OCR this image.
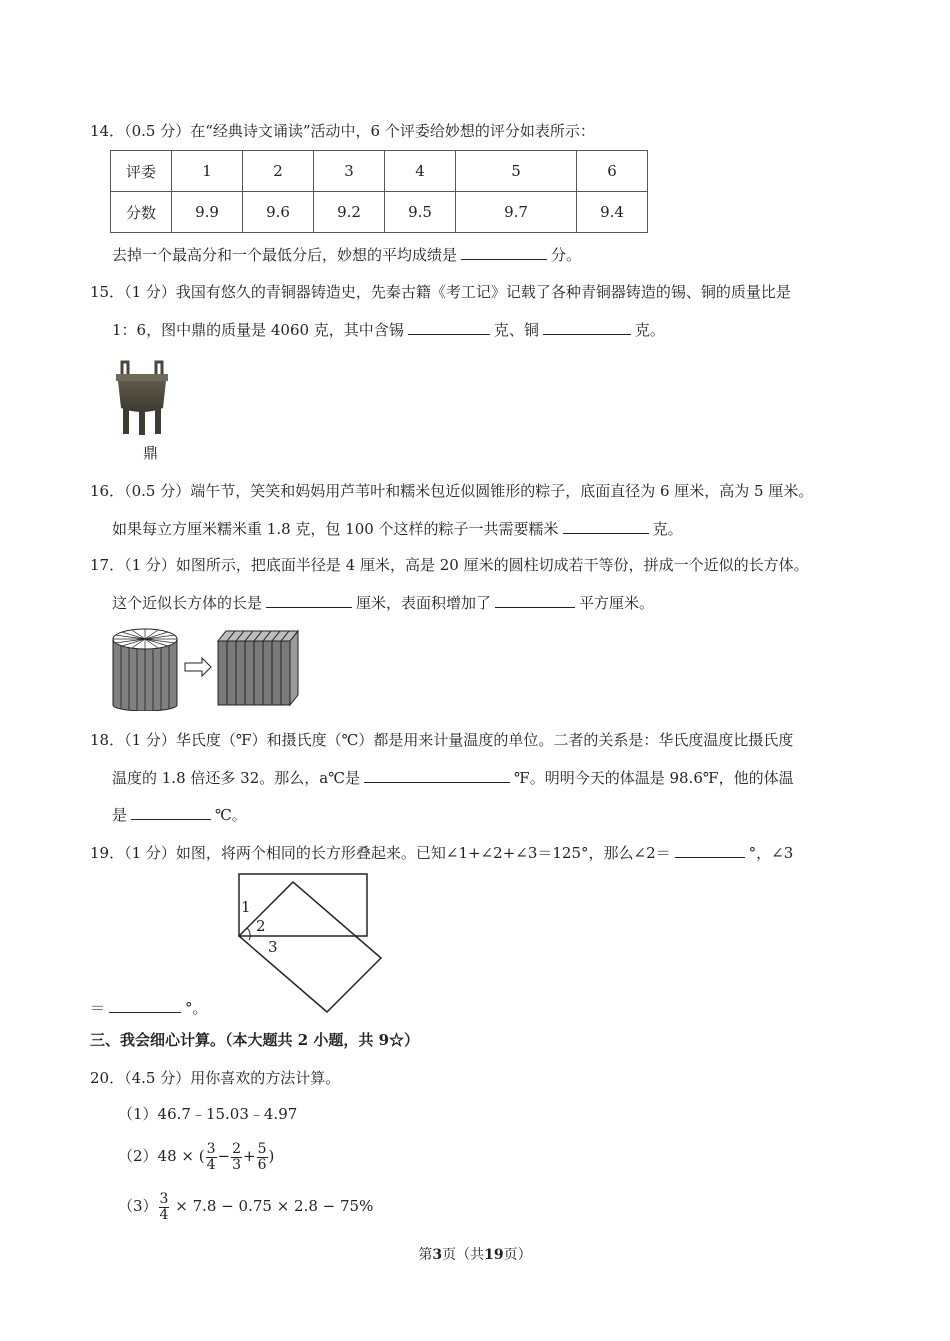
14．（0.5 分）在“经典诗文诵读”活动中，6 个评委给妙想的评分如表所示：
评委	1	2	3	4	5	6
分数	9.9	9.6	9.2	9.5	9.7	9.4
去掉一个最高分和一个最低分后，妙想的平均成绩是	分。
15．（1 分）我国有悠久的青铜器铸造史，先秦古籍《考工记》记载了各种青铜器铸造的锡、铜的质量比是
1：6，图中鼎的质量是 4060 克，其中含锡	克、铜	克。
鼎
16．（0.5 分）端午节，笑笑和妈妈用芦苇叶和糯米包近似圆锥形的粽子，底面直径为 6 厘米，高为 5 厘米。
如果每立方厘米糯米重 1.8 克，包 100 个这样的粽子一共需要糯米	克。
17．（1 分）如图所示，把底面半径是 4 厘米，高是 20 厘米的圆柱切成若干等份，拼成一个近似的长方体。
这个近似长方体的长是	厘米，表面积增加了	平方厘米。
18．（1 分）华氏度（℉）和摄氏度（℃）都是用来计量温度的单位。二者的关系是：华氏度温度比摄氏度
温度的 1.8 倍还多 32。那么，a℃是	℉。明明今天的体温是 98.6℉，他的体温
是	℃。
19．（1 分）如图，将两个相同的长方形叠起来。已知∠1+∠2+∠3＝125°，那么∠2＝	°，∠3
1
2
3
＝	°。
三、我会细心计算。（本大题共 2 小题，共 9☆）
20．（4.5 分）用你喜欢的方法计算。
（1）46.7﹣15.03﹣4.97
（2）48 × ( $\frac{3}{4} - \frac{2}{3} + \frac{5}{6}$ )
$(3) \frac{3}{4} \times 7.8 - 0.75 \times 2.8 - 75\%$
第3页（共19页）
